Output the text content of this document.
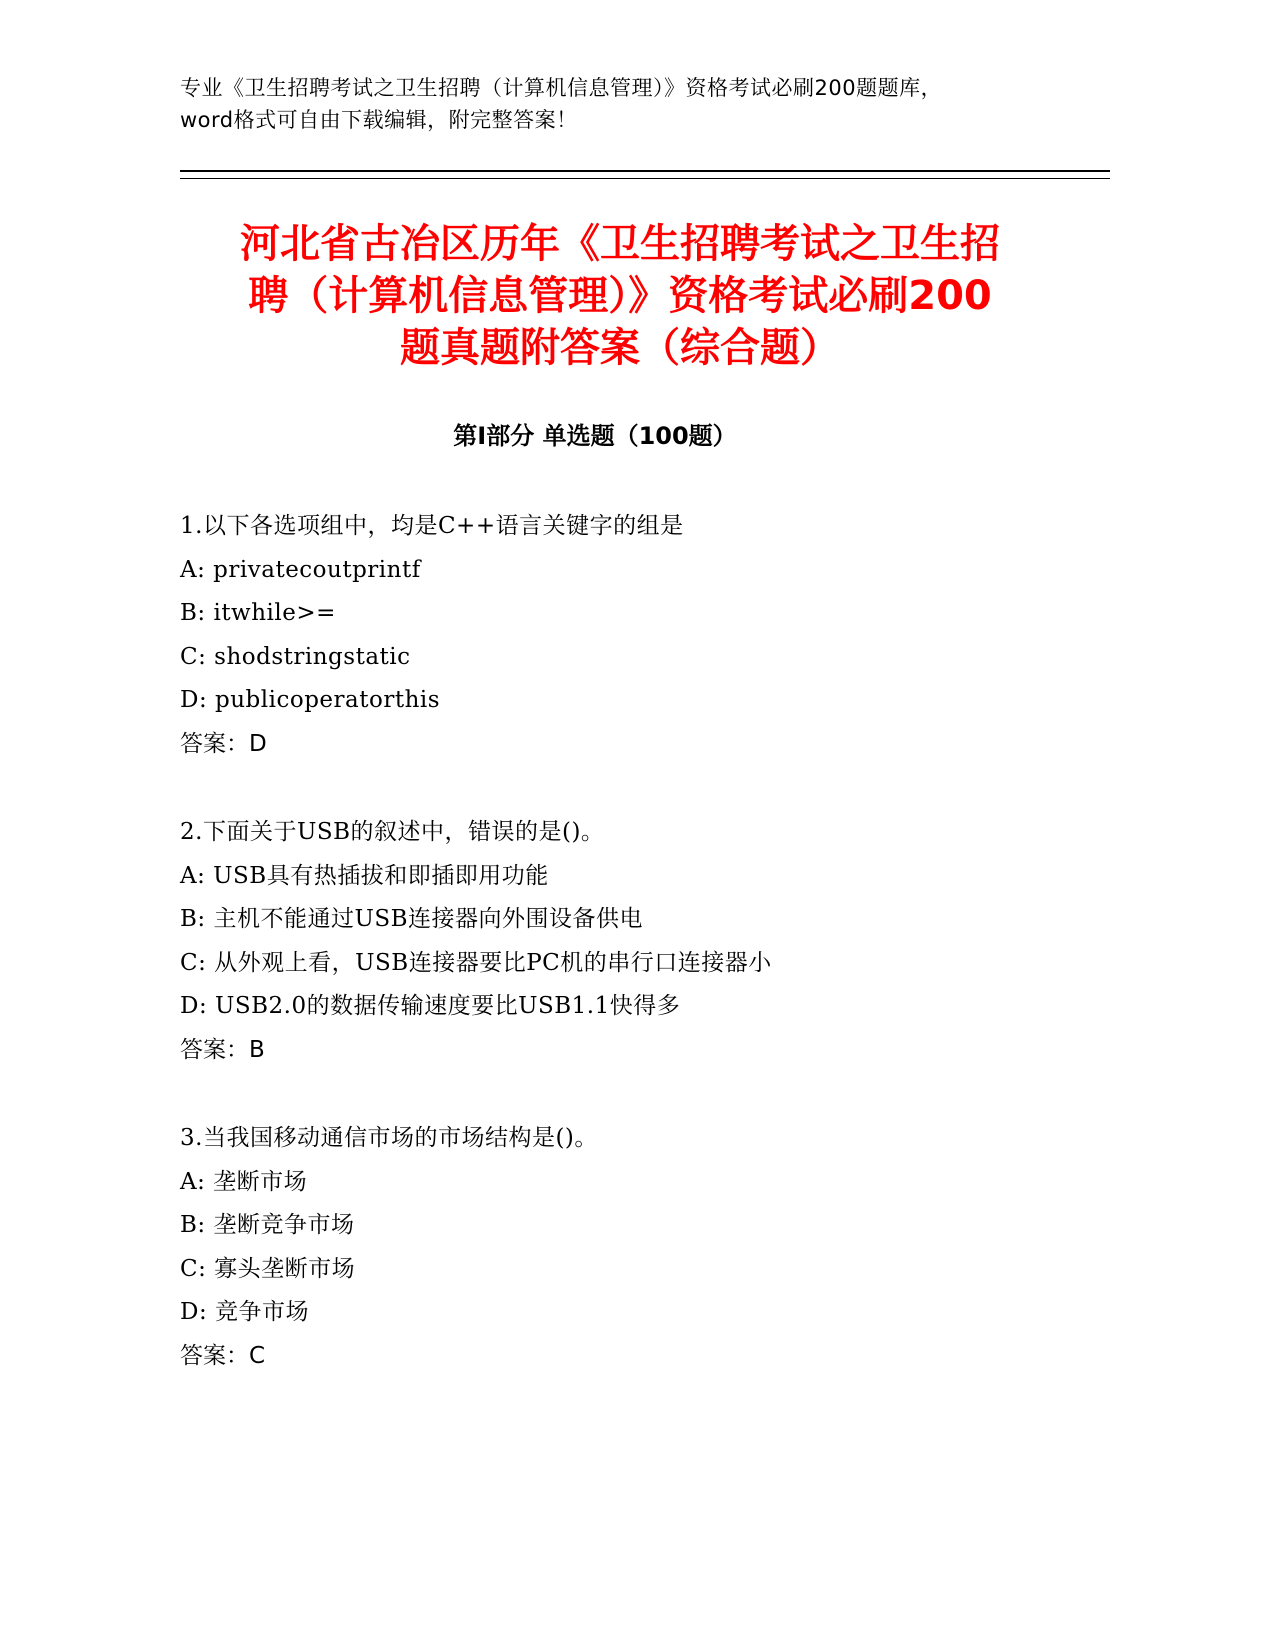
专业《卫生招聘考试之卫生招聘（计算机信息管理）》资格考试必刷200题题库，

word格式可自由下载编辑，附完整答案！

河北省古冶区历年《卫生招聘考试之卫生招
聘（计算机信息管理）》资格考试必刷200
题真题附答案（综合题）
第I部分 单选题（100题）
1.以下各选项组中，均是C++语言关键字的组是
A: privatecoutprintf
B: itwhile>=
C: shodstringstatic
D: publicoperatorthis
答案：D
2.下面关于USB的叙述中，错误的是()。
A: USB具有热插拔和即插即用功能
B: 主机不能通过USB连接器向外围设备供电
C: 从外观上看，USB连接器要比PC机的串行口连接器小
D: USB2.0的数据传输速度要比USB1.1快得多
答案：B
3.当我国移动通信市场的市场结构是()。
A: 垄断市场
B: 垄断竞争市场
C: 寡头垄断市场
D: 竞争市场
答案：C
